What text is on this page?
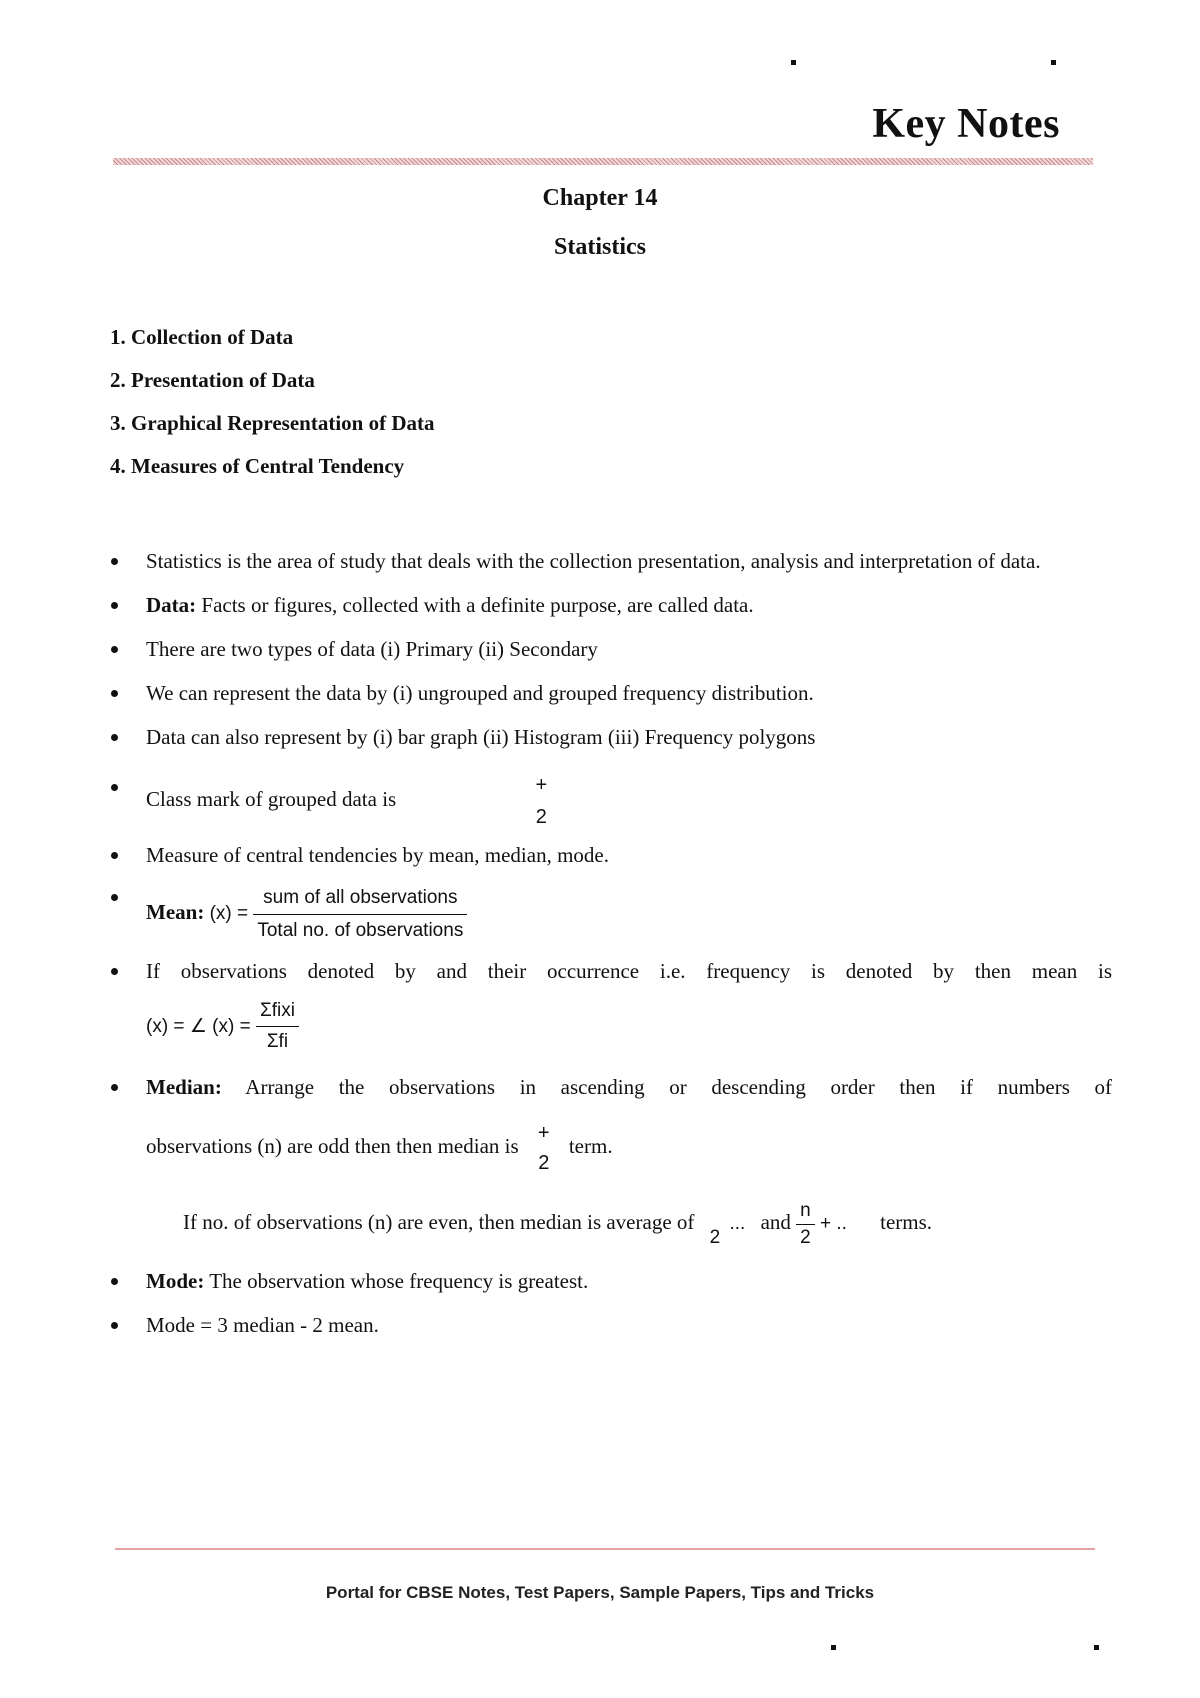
Key Notes
Chapter 14
Statistics
1. Collection of Data
2. Presentation of Data
3. Graphical Representation of Data
4. Measures of Central Tendency
Statistics is the area of study that deals with the collection presentation, analysis and interpretation of data.
Data: Facts or figures, collected with a definite purpose, are called data.
There are two types of data (i) Primary (ii) Secondary
We can represent the data by (i) ungrouped and grouped frequency distribution.
Data can also represent by (i) bar graph (ii) Histogram (iii) Frequency polygons
Class mark of grouped data is
+
2
Measure of central tendencies by mean, median, mode.
Mean: $(x) = \frac{\text{sum of all observations}}{\text{Total no. of observations}}$
If observations denoted by and their occurrence i.e. frequency is denoted by then mean is
(x) = ∠ $(x) = \frac{\text{Σfixi}}{\text{Σfi}}$
Median: Arrange the observations in ascending or descending order then if numbers of
observations (n) are odd then then median is
+
2
term.
If no. of observations (n) are even, then median is average of

2
... and $\frac{n}{2}$ + .. terms.
Mode: The observation whose frequency is greatest.
Mode = 3 median - 2 mean.
Portal for CBSE Notes, Test Papers, Sample Papers, Tips and Tricks
